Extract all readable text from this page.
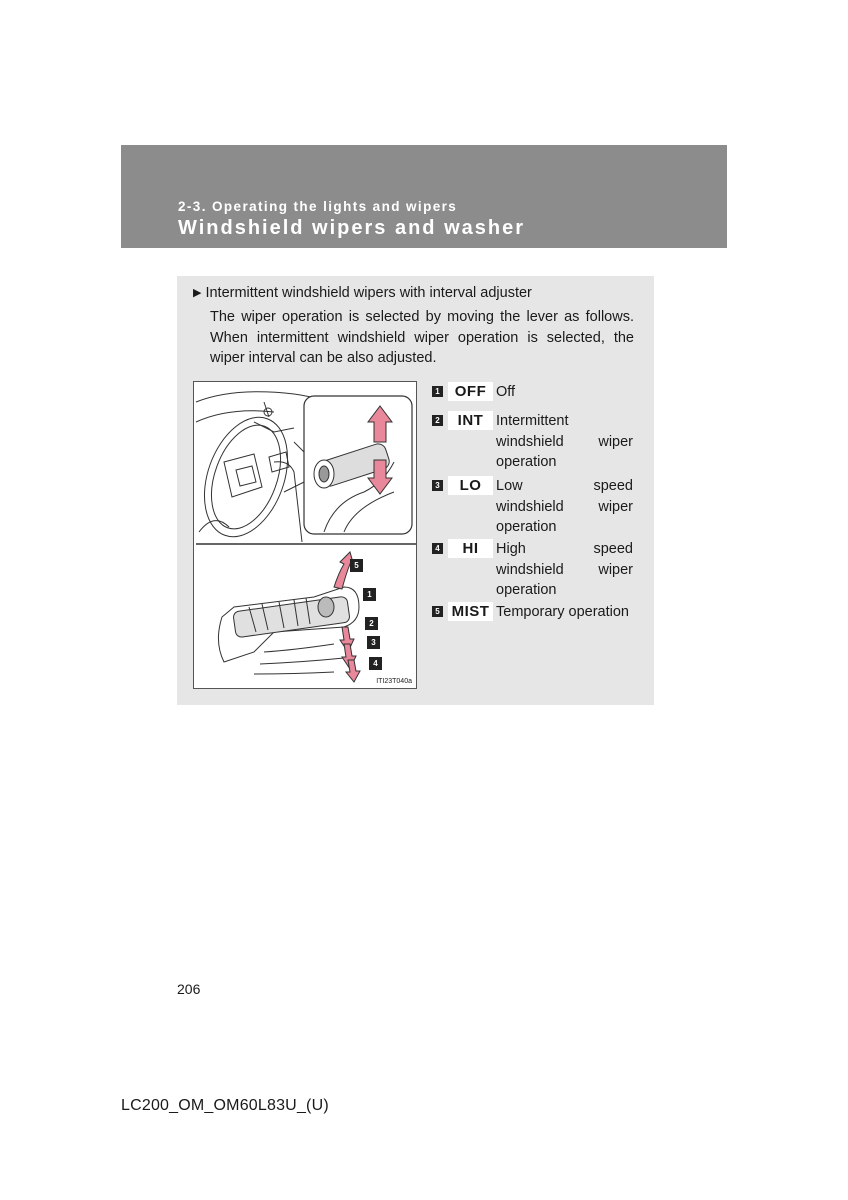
2-3. Operating the lights and wipers
Windshield wipers and washer
▶ Intermittent windshield wipers with interval adjuster
The wiper operation is selected by moving the lever as follows. When intermittent windshield wiper operation is selected, the wiper interval can be also adjusted.
5
1
2
3
4
ITI23T040a
1	OFF Off
2	INT Intermittent windshield wiper operation
3	LO	Low speed windshield wiper operation
4	HI	High speed windshield wiper operation
5 MIST Temporary operation
206
LC200_OM_OM60L83U_(U)
